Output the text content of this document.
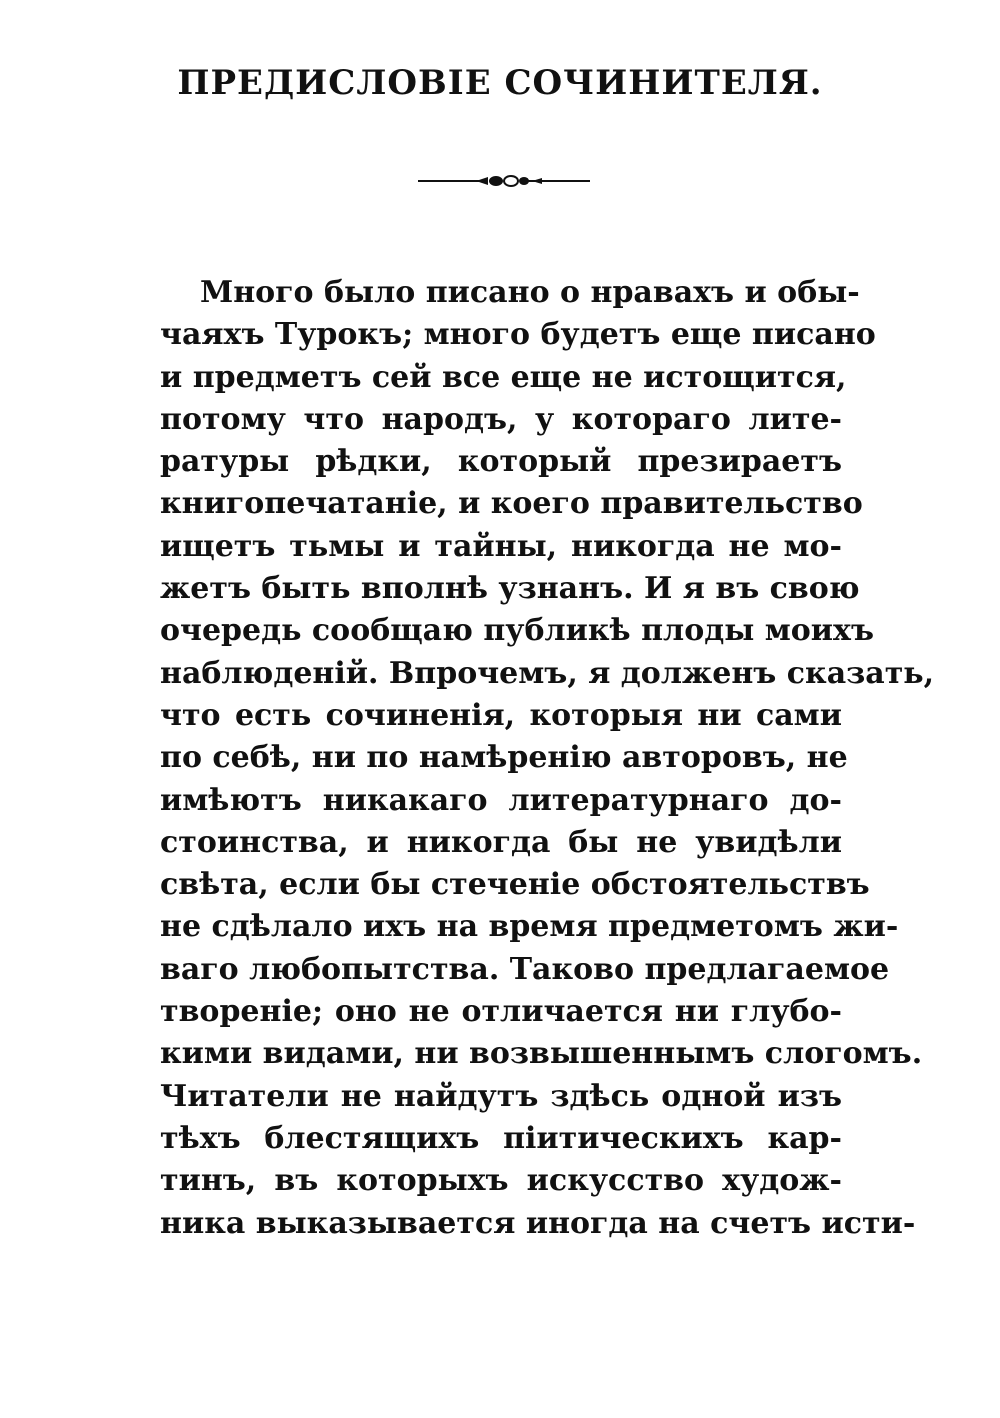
ПРЕДИСЛОВІЕ СОЧИНИТЕЛЯ.
Много было писано о нравахъ и обы-
чаяхъ Турокъ; много будетъ еще писано
и предметъ сей все еще не истощится,
потому что народъ, у котораго лите-
ратуры рѣдки, который презираетъ
книгопечатаніе, и коего правительство
ищетъ тьмы и тайны, никогда не мо-
жетъ быть вполнѣ узнанъ. И я въ свою
очередь сообщаю публикѣ плоды моихъ
наблюденій. Впрочемъ, я долженъ сказать,
что есть сочиненія, которыя ни сами
по себѣ, ни по намѣренію авторовъ, не
имѣютъ никакаго литературнаго до-
стоинства, и никогда бы не увидѣли
свѣта, если бы стеченіе обстоятельствъ
не сдѣлало ихъ на время предметомъ жи-
ваго любопытства. Таково предлагаемое
твореніе; оно не отличается ни глубо-
кими видами, ни возвышеннымъ слогомъ.
Читатели не найдутъ здѣсь одной изъ
тѣхъ блестящихъ піитическихъ кар-
тинъ, въ которыхъ искусство худож-
ника выказывается иногда на счетъ исти-
